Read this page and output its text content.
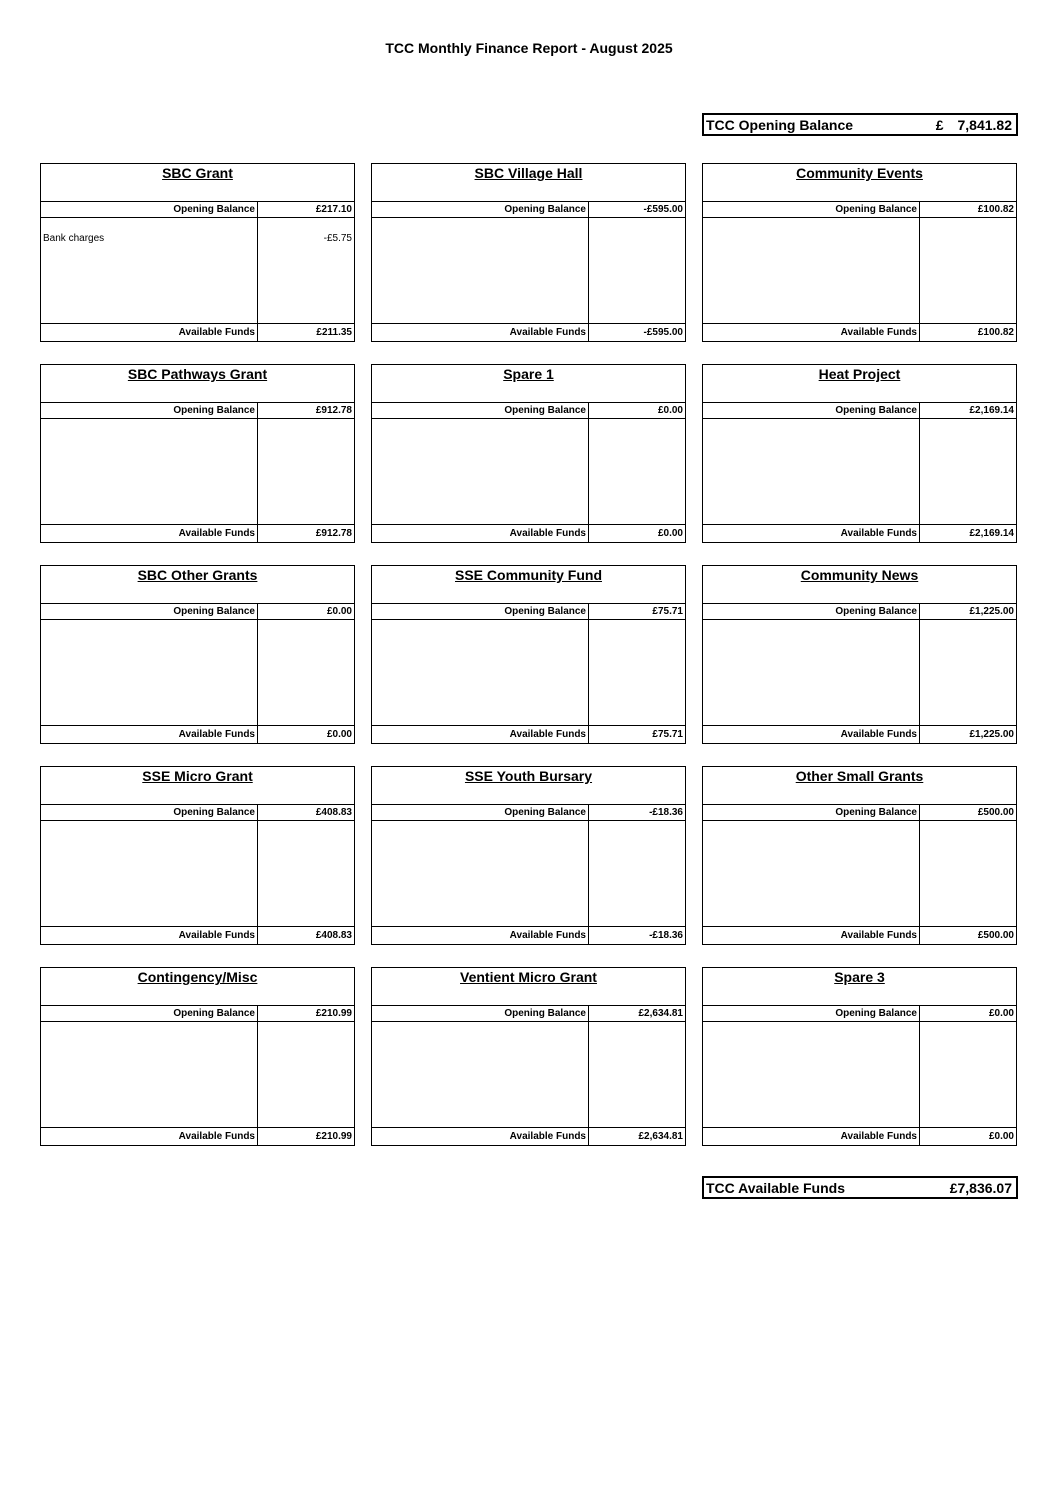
TCC Monthly Finance Report - August 2025
TCC Opening Balance	£ 7,841.82
SBC Grant
Opening Balance	£217.10
Bank charges	-£5.75
Available Funds	£211.35
SBC Village Hall
Opening Balance	-£595.00
Available Funds	-£595.00
Community Events
Opening Balance	£100.82
Available Funds	£100.82
SBC Pathways Grant
Opening Balance	£912.78
Available Funds	£912.78
Spare 1
Opening Balance	£0.00
Available Funds	£0.00
Heat Project
Opening Balance	£2,169.14
Available Funds	£2,169.14
SBC Other Grants
Opening Balance	£0.00
Available Funds	£0.00
SSE Community Fund
Opening Balance	£75.71
Available Funds	£75.71
Community News
Opening Balance	£1,225.00
Available Funds	£1,225.00
SSE Micro Grant
Opening Balance	£408.83
Available Funds	£408.83
SSE Youth Bursary
Opening Balance	-£18.36
Available Funds	-£18.36
Other Small Grants
Opening Balance	£500.00
Available Funds	£500.00
Contingency/Misc
Opening Balance	£210.99
Available Funds	£210.99
Ventient Micro Grant
Opening Balance	£2,634.81
Available Funds	£2,634.81
Spare 3
Opening Balance	£0.00
Available Funds	£0.00
TCC Available Funds	£7,836.07
